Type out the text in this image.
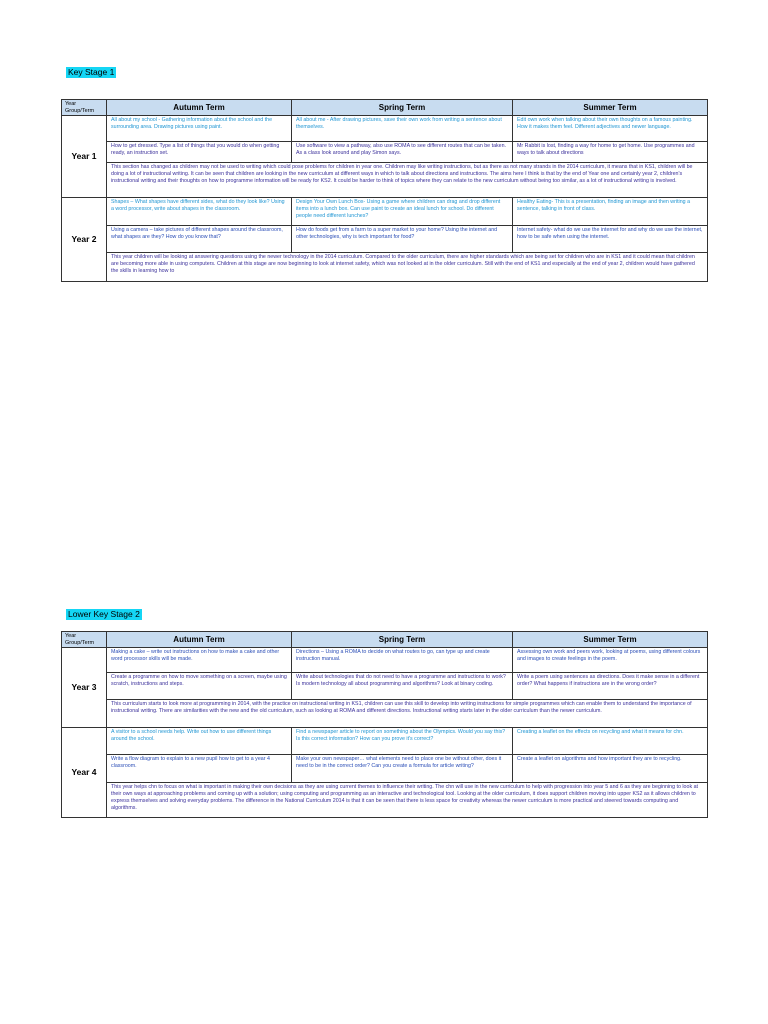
Key Stage 1
Year Group/Term	Autumn Term	Spring Term	Summer Term
Year 1	All about my school - Gathering information about the school and the surrounding area. Drawing pictures using paint.	All about me - After drawing pictures, save their own work from writing a sentence about themselves.	Edit own work when talking about their own thoughts on a famous painting. How it makes them feel. Different adjectives and newer language.
	How to get dressed. Type a list of things that you would do when getting ready, an instruction set.	Use software to view a pathway, also use ROMA to see different routes that can be taken. As a class look around and play Simon says.	Mr Rabbit is lost, finding a way for home to get home. Use programmes and ways to talk about directions
	This section has changed as children may not be used to writing which could pose problems for children in year one. Children may like writing instructions, but as there as not many strands in the 2014 curriculum, it means that in KS1, children will be doing a lot of instructional writing. It can be seen that children are looking in the new curriculum at different ways in which to talk about directions and instructions. The aims here I think is that by the end of Year one and certainly year 2, children's instructional writing and their thoughts on how to programme information will be ready for KS2. It could be harder to think of topics where they can relate to the new curriculum without being too similar, as a lot of instructional writing is involved.		
Year 2	Shapes – What shapes have different sides, what do they look like? Using a word processor, write about shapes in the classroom.	Design Your Own Lunch Box- Using a game where children can drag and drop different items into a lunch box. Can use paint to create an ideal lunch for school. Do different people need different lunches?	Healthy Eating- This is a presentation, finding an image and then writing a sentence, talking in front of class.
	Using a camera – take pictures of different shapes around the classroom, what shapes are they? How do you know that?	How do foods get from a farm to a super market to your home? Using the internet and other technologies, why is tech important for food?	Internet safety- what do we use the internet for and why do we use the internet, how to be safe when using the internet.
	This year children will be looking at answering questions using the newer technology in the 2014 curriculum. Compared to the older curriculum, there are higher standards which are being set for children who are in KS1 and it could mean that children are becoming more able in using computers. Children at this stage are now beginning to look at internet safety, which was not looked at in the older curriculum. Still with the end of KS1 and especially at the end of year 2, children would have gathered the skills in learning how to		
Lower Key Stage 2
Year Group/Term	Autumn Term	Spring Term	Summer Term
Year 3	Making a cake – write out instructions on how to make a cake and other word processor skills will be made.	Directions – Using a ROMA to decide on what routes to go, can type up and create instruction manual.	Assessing own work and peers work, looking at poems, using different colours and images to create feelings in the poem.
	Create a programme on how to move something on a screen, maybe using scratch, instructions and steps.	Write about technologies that do not need to have a programme and instructions to work? Is modern technology all about programming and algorithms? Look at binary coding.	Write a poem using sentences as directions. Does it make sense in a different order? What happens if instructions are in the wrong order?
	This curriculum starts to look more at programming in 2014, with the practice on instructional writing in KS1, children can use this skill to develop into writing instructions for simple programmes which can enable them to understand the importance of instructional writing. There are similarities with the new and the old curriculum, such as looking at ROMA and different directions. Instructional writing starts later in the older curriculum than the newer curriculum.		
Year 4	A visitor to a school needs help. Write out how to use different things around the school.	Find a newspaper article to report on something about the Olympics. Would you say this? Is this correct information? How can you prove it's correct?	Creating a leaflet on the effects on recycling and what it means for chn.
	Write a flow diagram to explain to a new pupil how to get to a year 4 classroom.	Make your own newspaper… what elements need to place one be without other, does it need to be in the correct order? Can you create a formula for article writing?	Create a leaflet on algorithms and how important they are to recycling.
	This year helps chn to focus on what is important in making their own decisions as they are using current themes to influence their writing. The chn will use in the new curriculum to help with progression into year 5 and 6 as they are beginning to look at their own ways at approaching problems and coming up with a solution; using computing and programming as an interactive and technological tool. Looking at the older curriculum, it does support children moving into upper KS2 as it allows children to express themselves and solving everyday problems. The difference in the National Curriculum 2014 is that it can be seen that there is less space for creativity whereas the newer curriculum is more practical and steered towards computing and algorithms.		
